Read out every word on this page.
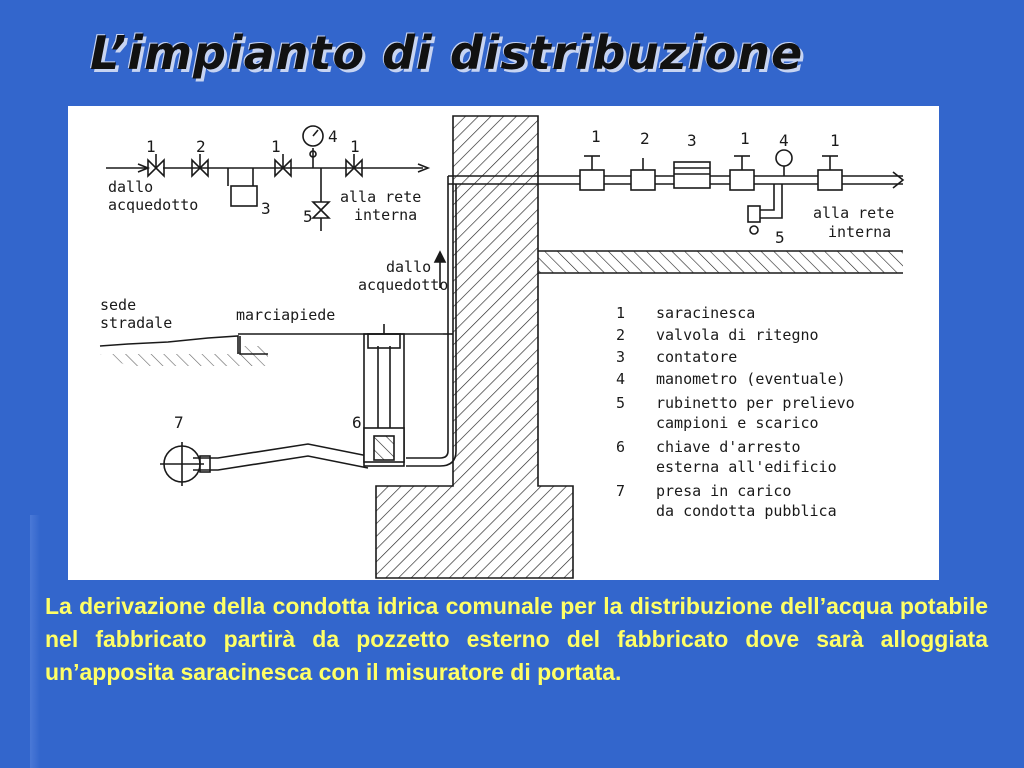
L’impianto di distribuzione
1	2	1	1
3
4
5
dallo
acquedotto	alla rete
interna
1 2 3	1 4	1
5
alla rete
interna
dallo
acquedotto
sede
stradale	marciapiede
6
7
1 saracinesca
2 valvola di ritegno
3 contatore
4 manometro (eventuale)
5 rubinetto per prelievo
campioni e scarico
6 chiave d'arresto
esterna all'edificio
7 presa in carico
da condotta pubblica

La derivazione della condotta idrica comunale per la distribuzione dell’acqua potabile nel fabbricato partirà da pozzetto esterno del fabbricato dove sarà alloggiata un’apposita saracinesca con il misuratore di portata.
